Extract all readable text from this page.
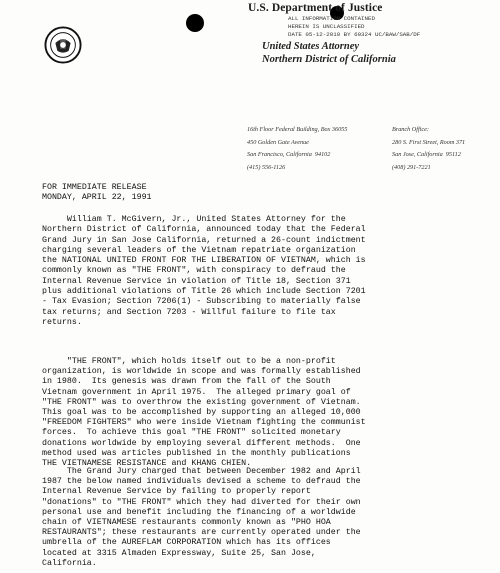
U.S. Department of Justice
ALL INFORMATION CONTAINED
HEREIN IS UNCLASSIFIED
DATE 05-12-2010 BY 60324 UC/BAW/SAB/DF
United States Attorney
Northern District of California
16th Floor Federal Building, Box 36055
450 Golden Gate Avenue
San Francisco, California  94102
(415) 556-1126
Branch Office:
280 S. First Street, Room 371
San Jose, California  95112
(408) 291-7221
FOR IMMEDIATE RELEASE
MONDAY, APRIL 22, 1991
William T. McGivern, Jr., United States Attorney for the
Northern District of California, announced today that the Federal
Grand Jury in San Jose California, returned a 26-count indictment
charging several leaders of the Vietnam repatriate organization
the NATIONAL UNITED FRONT FOR THE LIBERATION OF VIETNAM, which is
commonly known as "THE FRONT", with conspiracy to defraud the
Internal Revenue Service in violation of Title 18, Section 371
plus additional violations of Title 26 which include Section 7201
- Tax Evasion; Section 7206(1) - Subscribing to materially false
tax returns; and Section 7203 - Willful failure to file tax
returns.
"THE FRONT", which holds itself out to be a non-profit
organization, is worldwide in scope and was formally established
in 1980.  Its genesis was drawn from the fall of the South
Vietnam government in April 1975.  The alleged primary goal of
"THE FRONT" was to overthrow the existing government of Vietnam.
This goal was to be accomplished by supporting an alleged 10,000
"FREEDOM FIGHTERS" who were inside Vietnam fighting the communist
forces.  To achieve this goal "THE FRONT" solicited monetary
donations worldwide by employing several different methods.  One
method used was articles published in the monthly publications
THE VIETNAMESE RESISTANCE and KHANG CHIEN.
The Grand Jury charged that between December 1982 and April
1987 the below named individuals devised a scheme to defraud the
Internal Revenue Service by failing to properly report
"donations" to "THE FRONT" which they had diverted for their own
personal use and benefit including the financing of a worldwide
chain of VIETNAMESE restaurants commonly known as "PHO HOA
RESTAURANTS"; these restaurants are currently operated under the
umbrella of the AUREFLAM CORPORATION which has its offices
located at 3315 Almaden Expressway, Suite 25, San Jose,
California.
